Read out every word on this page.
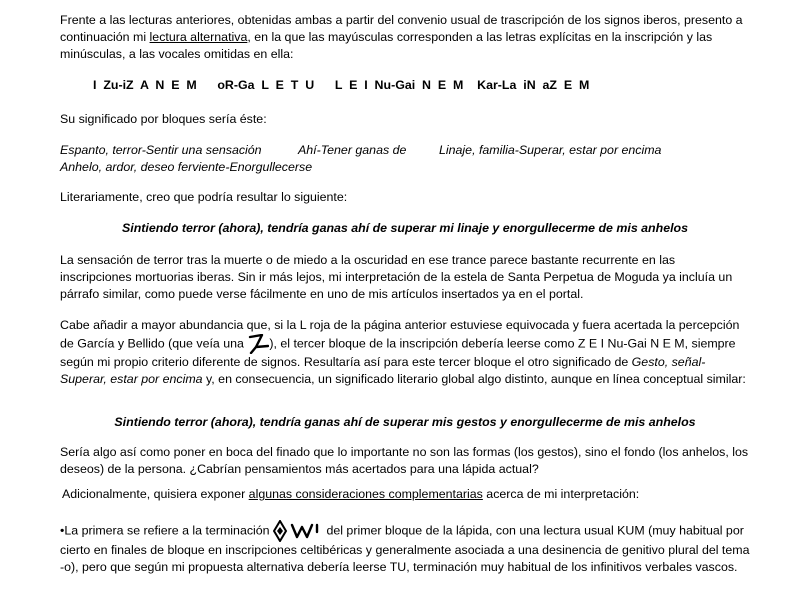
Frente a las lecturas anteriores, obtenidas ambas a partir del convenio usual de trascripción de los signos iberos, presento a continuación mi lectura alternativa, en la que las mayúsculas corresponden a las letras explícitas en la inscripción y las minúsculas, a las vocales omitidas en ella:

I  Zu-iZ  A  N  E  M      oR-Ga  L  E  T  U      L  E  I  Nu-Gai  N  E  M    Kar-La  iN  aZ  E  M

Su significado por bloques sería éste:

Espanto, terror-Sentir una sensación	Ahí-Tener ganas de	Linaje, familia-Superar, estar por encima
Anhelo, ardor, deseo ferviente-Enorgullecerse

Literariamente, creo que podría resultar lo siguiente:

Sintiendo terror (ahora), tendría ganas ahí de superar mi linaje y enorgullecerme de mis anhelos

La sensación de terror tras la muerte o de miedo a la oscuridad en ese trance parece bastante recurrente en las inscripciones mortuorias iberas. Sin ir más lejos, mi interpretación de la estela de Santa Perpetua de Moguda ya incluía un párrafo similar, como puede verse fácilmente en uno de mis artículos insertados ya en el portal.

Cabe añadir a mayor abundancia que, si la L roja de la página anterior estuviese equivocada y fuera acertada la percepción de García y Bellido (que veía una ), el tercer bloque de la inscripción debería leerse como Z E I Nu-Gai N E M, siempre según mi propio criterio diferente de signos. Resultaría así para este tercer bloque el otro significado de Gesto, señal-Superar, estar por encima y, en consecuencia, un significado literario global algo distinto, aunque en línea conceptual similar:

Sintiendo terror (ahora), tendría ganas ahí de superar mis gestos y enorgullecerme de mis anhelos

Sería algo así como poner en boca del finado que lo importante no son las formas (los gestos), sino el fondo (los anhelos, los deseos) de la persona. ¿Cabrían pensamientos más acertados para una lápida actual?

Adicionalmente, quisiera exponer algunas consideraciones complementarias acerca de mi interpretación:

•La primera se refiere a la terminación	del primer bloque de la lápida, con una lectura usual KUM (muy habitual por cierto en finales de bloque en inscripciones celtibéricas y generalmente asociada a una desinencia de genitivo plural del tema -o), pero que según mi propuesta alternativa debería leerse TU, terminación muy habitual de los infinitivos verbales vascos.
